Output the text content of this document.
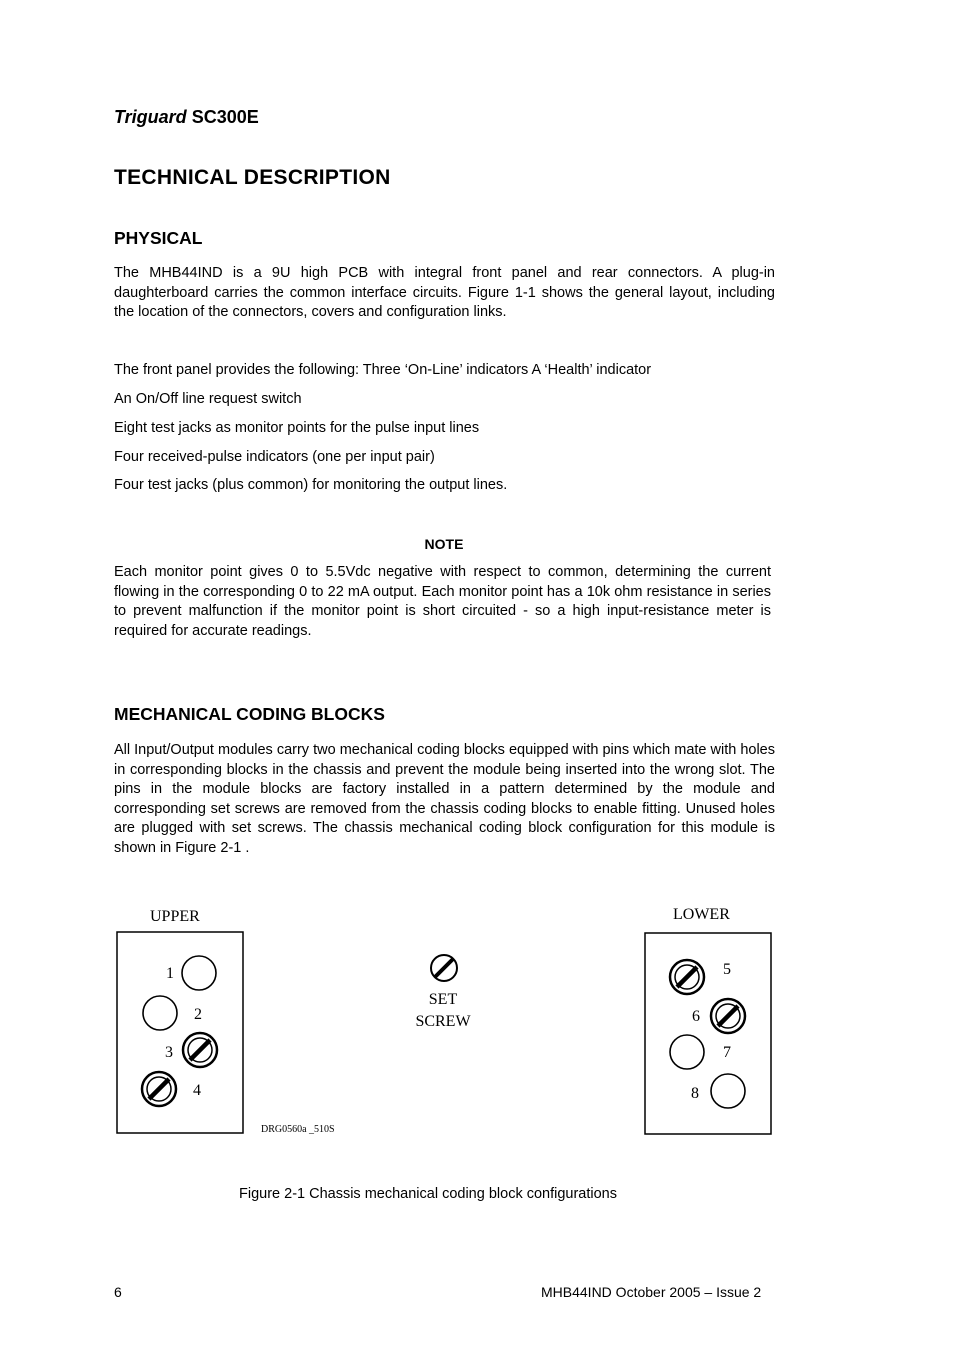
Triguard SC300E
TECHNICAL DESCRIPTION
PHYSICAL
The MHB44IND is a 9U high PCB with integral front panel and rear connectors. A plug-in daughterboard carries the common interface circuits. Figure 1-1 shows the general layout, including the location of the connectors, covers and configuration links.
The front panel provides the following: Three ‘On-Line’ indicators A ‘Health’ indicator
An On/Off line request switch
Eight test jacks as monitor points for the pulse input lines
Four received-pulse indicators (one per input pair)
Four test jacks (plus common) for monitoring the output lines.
NOTE
Each monitor point gives 0 to 5.5Vdc negative with respect to common, determining the current flowing in the corresponding 0 to 22 mA output. Each monitor point has a 10k ohm resistance in series to prevent malfunction if the monitor point is short circuited - so a high input-resistance meter is required for accurate readings.
MECHANICAL CODING BLOCKS
All Input/Output modules carry two mechanical coding blocks equipped with pins which mate with holes in corresponding blocks in the chassis and prevent the module being inserted into the wrong slot. The pins in the module blocks are factory installed in a pattern determined by the module and corresponding set screws are removed from the chassis coding blocks to enable fitting. Unused holes are plugged with set screws. The chassis mechanical coding block configuration for this module is shown in Figure 2-1 .
UPPER	LOWER
SET
SCREW
DRG0560a _510S
1
2
3
4
5
6
7
8
Figure 2-1 Chassis mechanical coding block configurations
6	MHB44IND October 2005 – Issue 2
